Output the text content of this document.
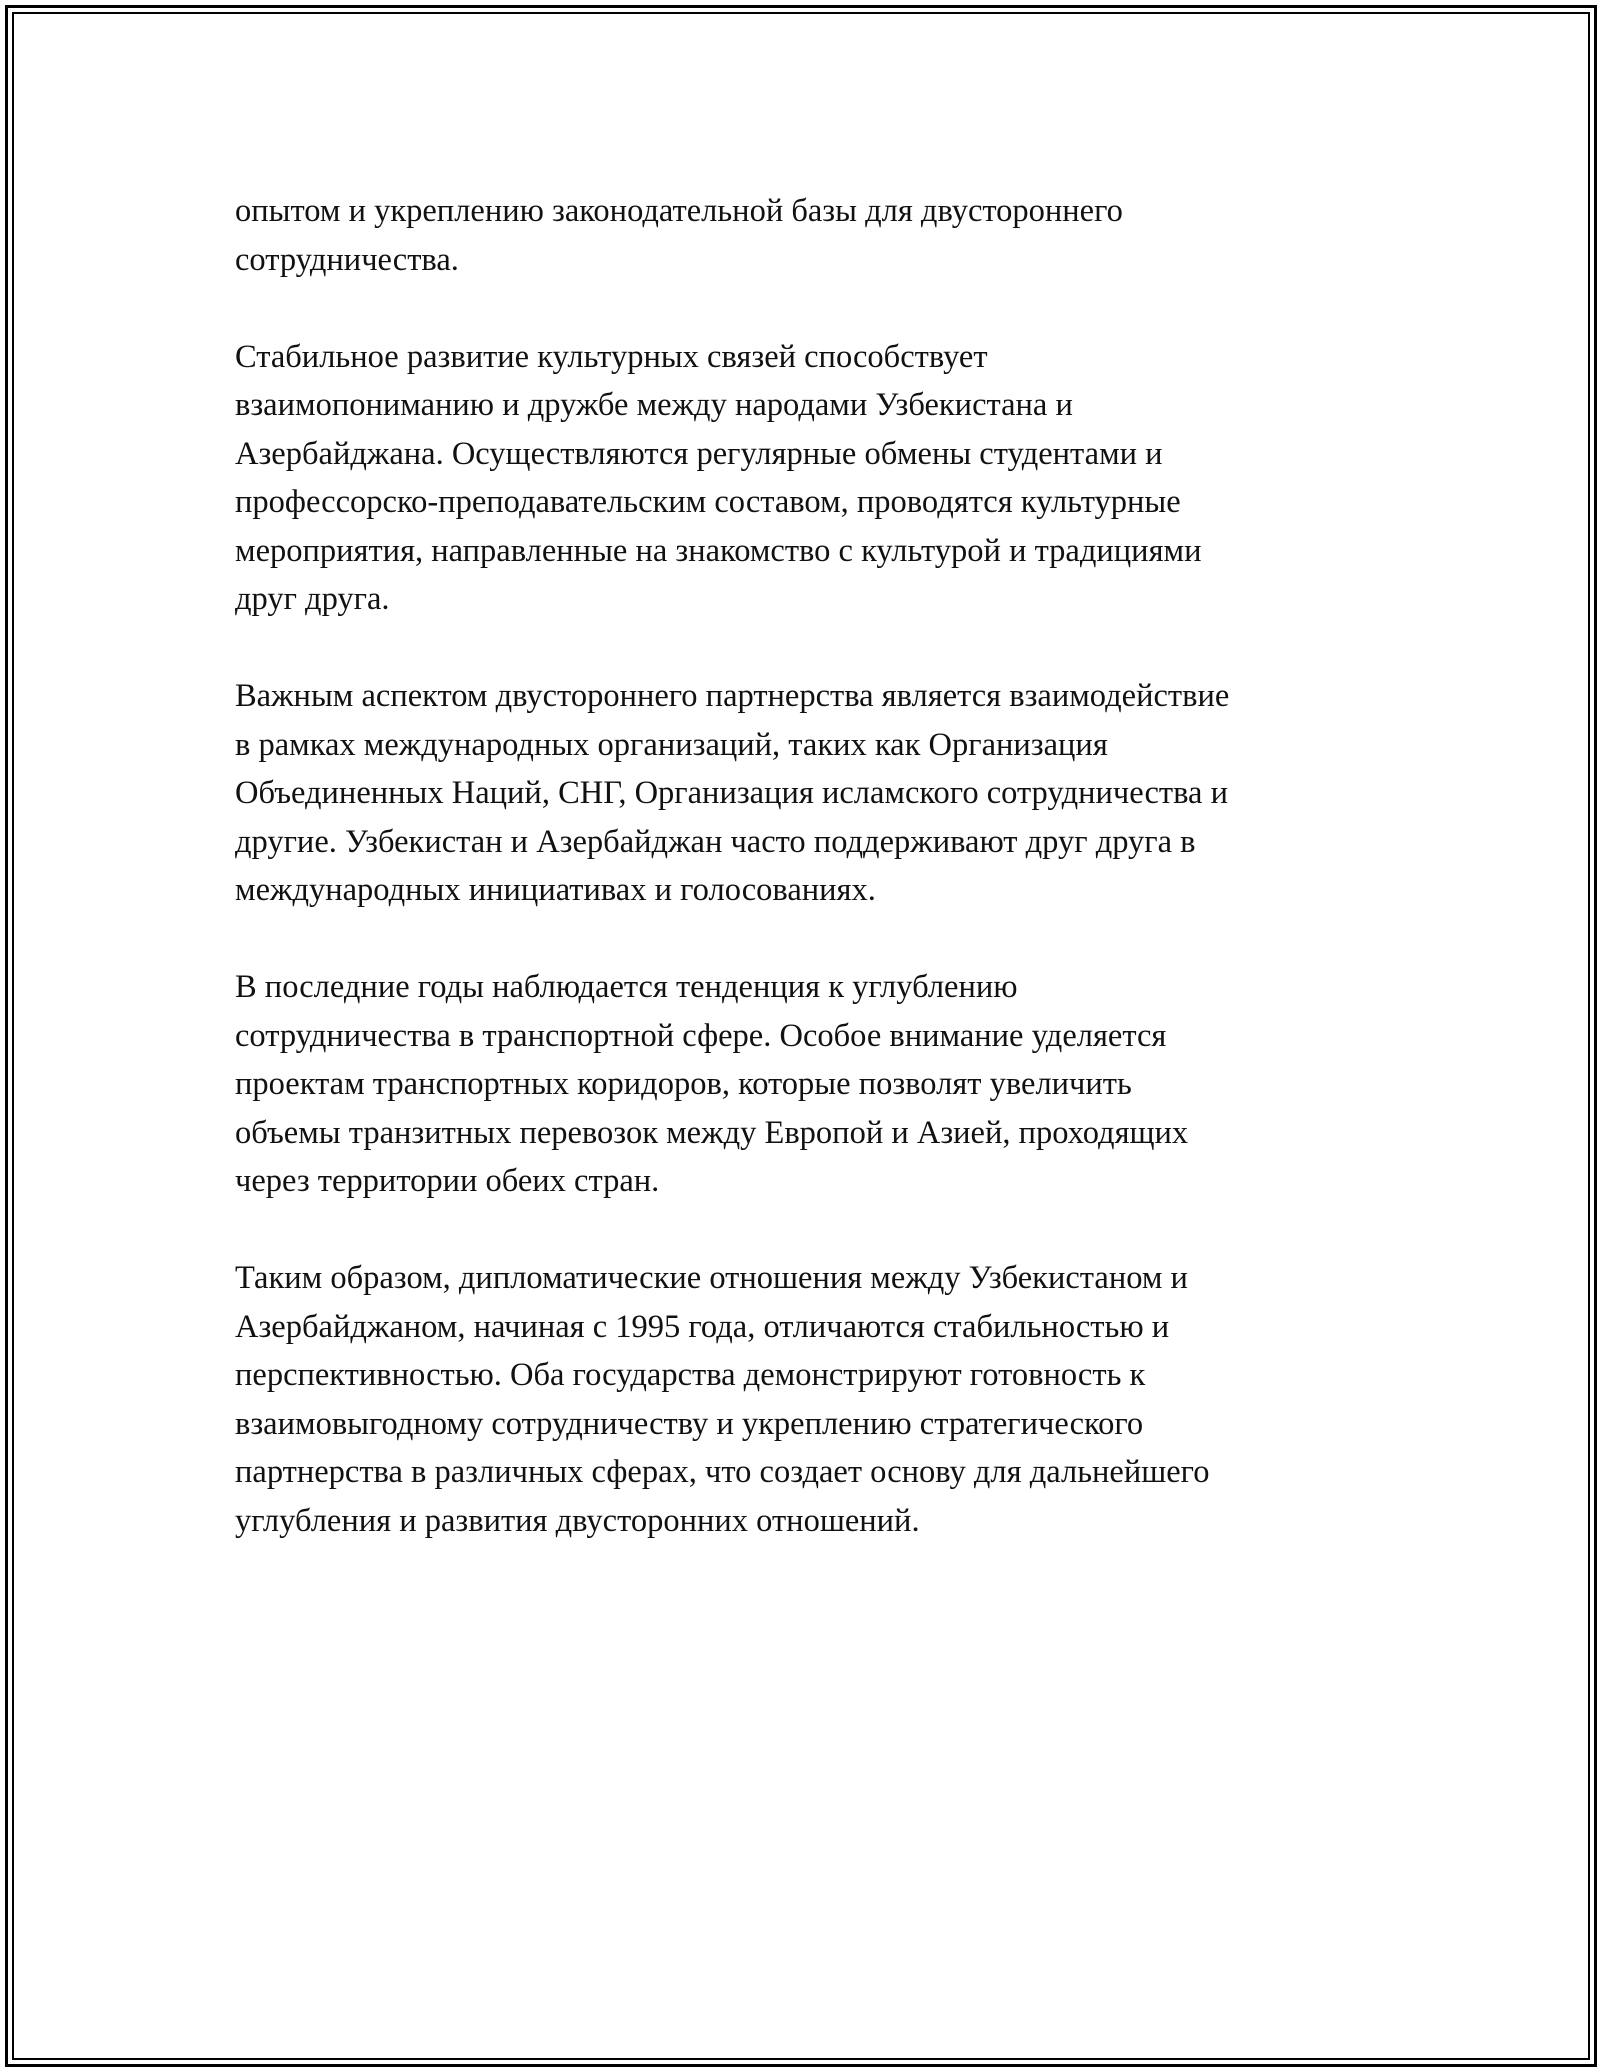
опытом и укреплению законодательной базы для двустороннего
сотрудничества.

Стабильное развитие культурных связей способствует
взаимопониманию и дружбе между народами Узбекистана и
Азербайджана. Осуществляются регулярные обмены студентами и
профессорско-преподавательским составом, проводятся культурные
мероприятия, направленные на знакомство с культурой и традициями
друг друга.

Важным аспектом двустороннего партнерства является взаимодействие
в рамках международных организаций, таких как Организация
Объединенных Наций, СНГ, Организация исламского сотрудничества и
другие. Узбекистан и Азербайджан часто поддерживают друг друга в
международных инициативах и голосованиях.

В последние годы наблюдается тенденция к углублению
сотрудничества в транспортной сфере. Особое внимание уделяется
проектам транспортных коридоров, которые позволят увеличить
объемы транзитных перевозок между Европой и Азией, проходящих
через территории обеих стран.

Таким образом, дипломатические отношения между Узбекистаном и
Азербайджаном, начиная с 1995 года, отличаются стабильностью и
перспективностью. Оба государства демонстрируют готовность к
взаимовыгодному сотрудничеству и укреплению стратегического
партнерства в различных сферах, что создает основу для дальнейшего
углубления и развития двусторонних отношений.
